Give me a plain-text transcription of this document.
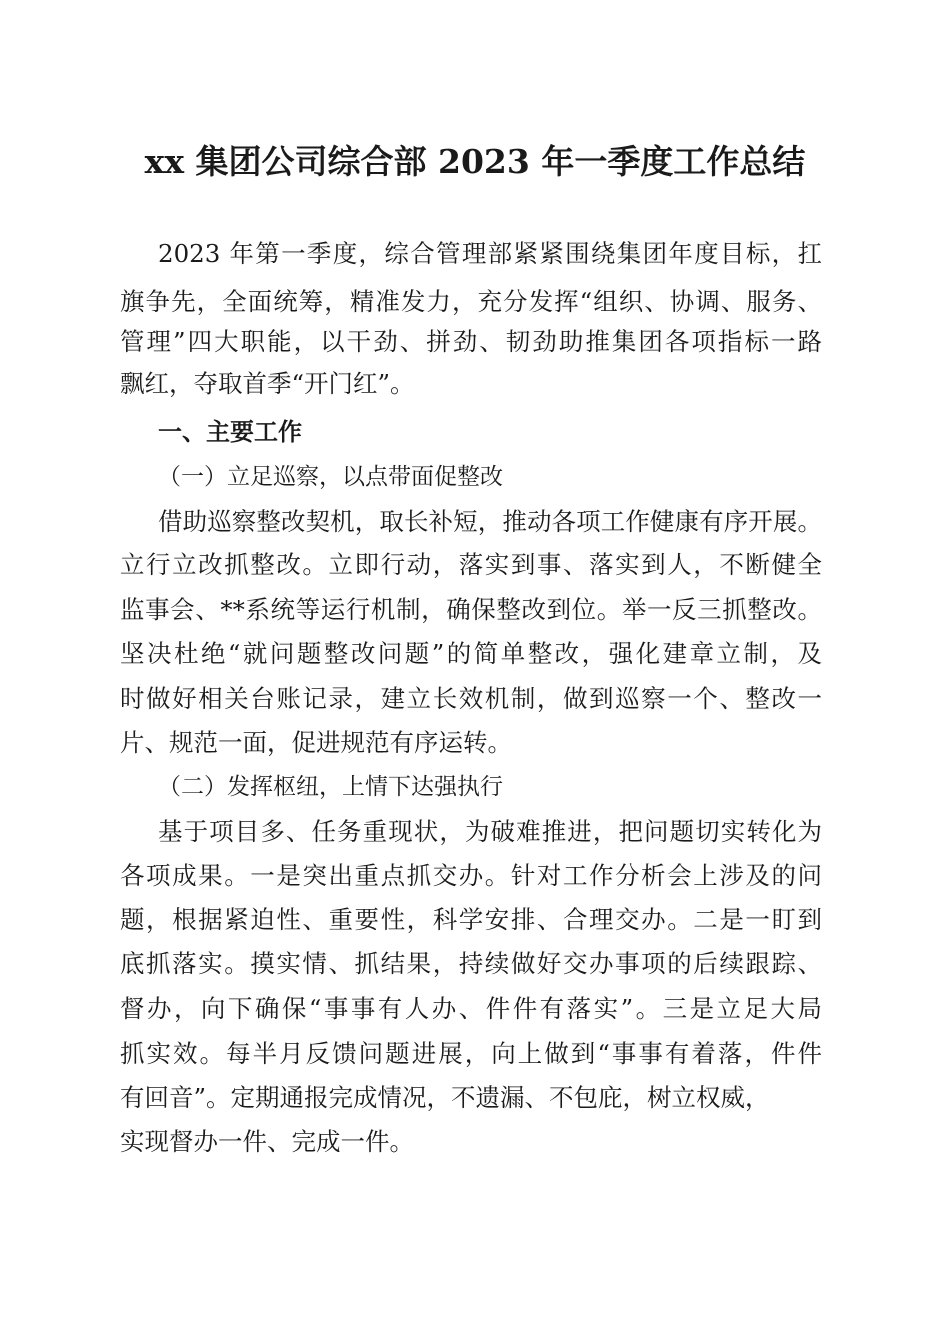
xx 集团公司综合部 2023 年一季度工作总结
2023 年第一季度，综合管理部紧紧围绕集团年度目标，扛
旗争先，全面统筹，精准发力，充分发挥“组织、协调、服务、
管理”四大职能，以干劲、拼劲、韧劲助推集团各项指标一路
飘红，夺取首季“开门红”。
一、主要工作
（一）立足巡察，以点带面促整改
借助巡察整改契机，取长补短，推动各项工作健康有序开展。
立行立改抓整改。立即行动，落实到事、落实到人，不断健全
监事会、**系统等运行机制，确保整改到位。举一反三抓整改。
坚决杜绝“就问题整改问题”的简单整改，强化建章立制，及
时做好相关台账记录，建立长效机制，做到巡察一个、整改一
片、规范一面，促进规范有序运转。
（二）发挥枢纽，上情下达强执行
基于项目多、任务重现状，为破难推进，把问题切实转化为
各项成果。一是突出重点抓交办。针对工作分析会上涉及的问
题，根据紧迫性、重要性，科学安排、合理交办。二是一盯到
底抓落实。摸实情、抓结果，持续做好交办事项的后续跟踪、
督办，向下确保“事事有人办、件件有落实”。三是立足大局
抓实效。每半月反馈问题进展，向上做到“事事有着落，件件
有回音”。定期通报完成情况，不遗漏、不包庇，树立权威，
实现督办一件、完成一件。
